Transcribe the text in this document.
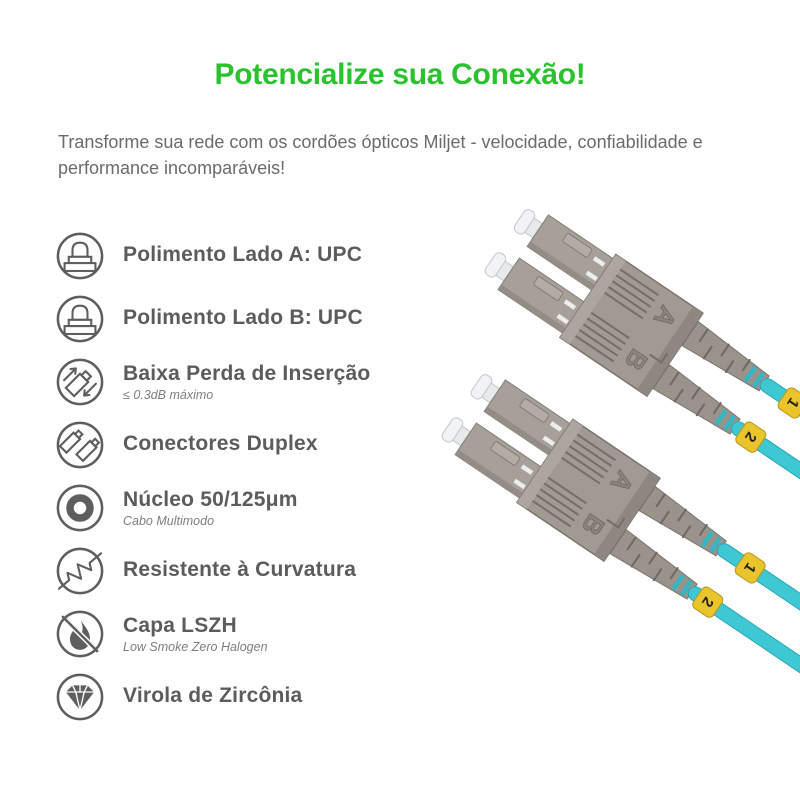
Potencialize sua Conexão!
Transforme sua rede com os cordões ópticos Miljet - velocidade, confiabilidade e performance incomparáveis!
Polimento Lado A: UPC
Polimento Lado B: UPC
Baixa Perda de Inserção
≤ 0.3dB máximo
Conectores Duplex
Núcleo 50/125μm
Cabo Multimodo
Resistente à Curvatura
Capa LSZH
Low Smoke Zero Halogen
Virola de Zircônia
A
B
1
2
